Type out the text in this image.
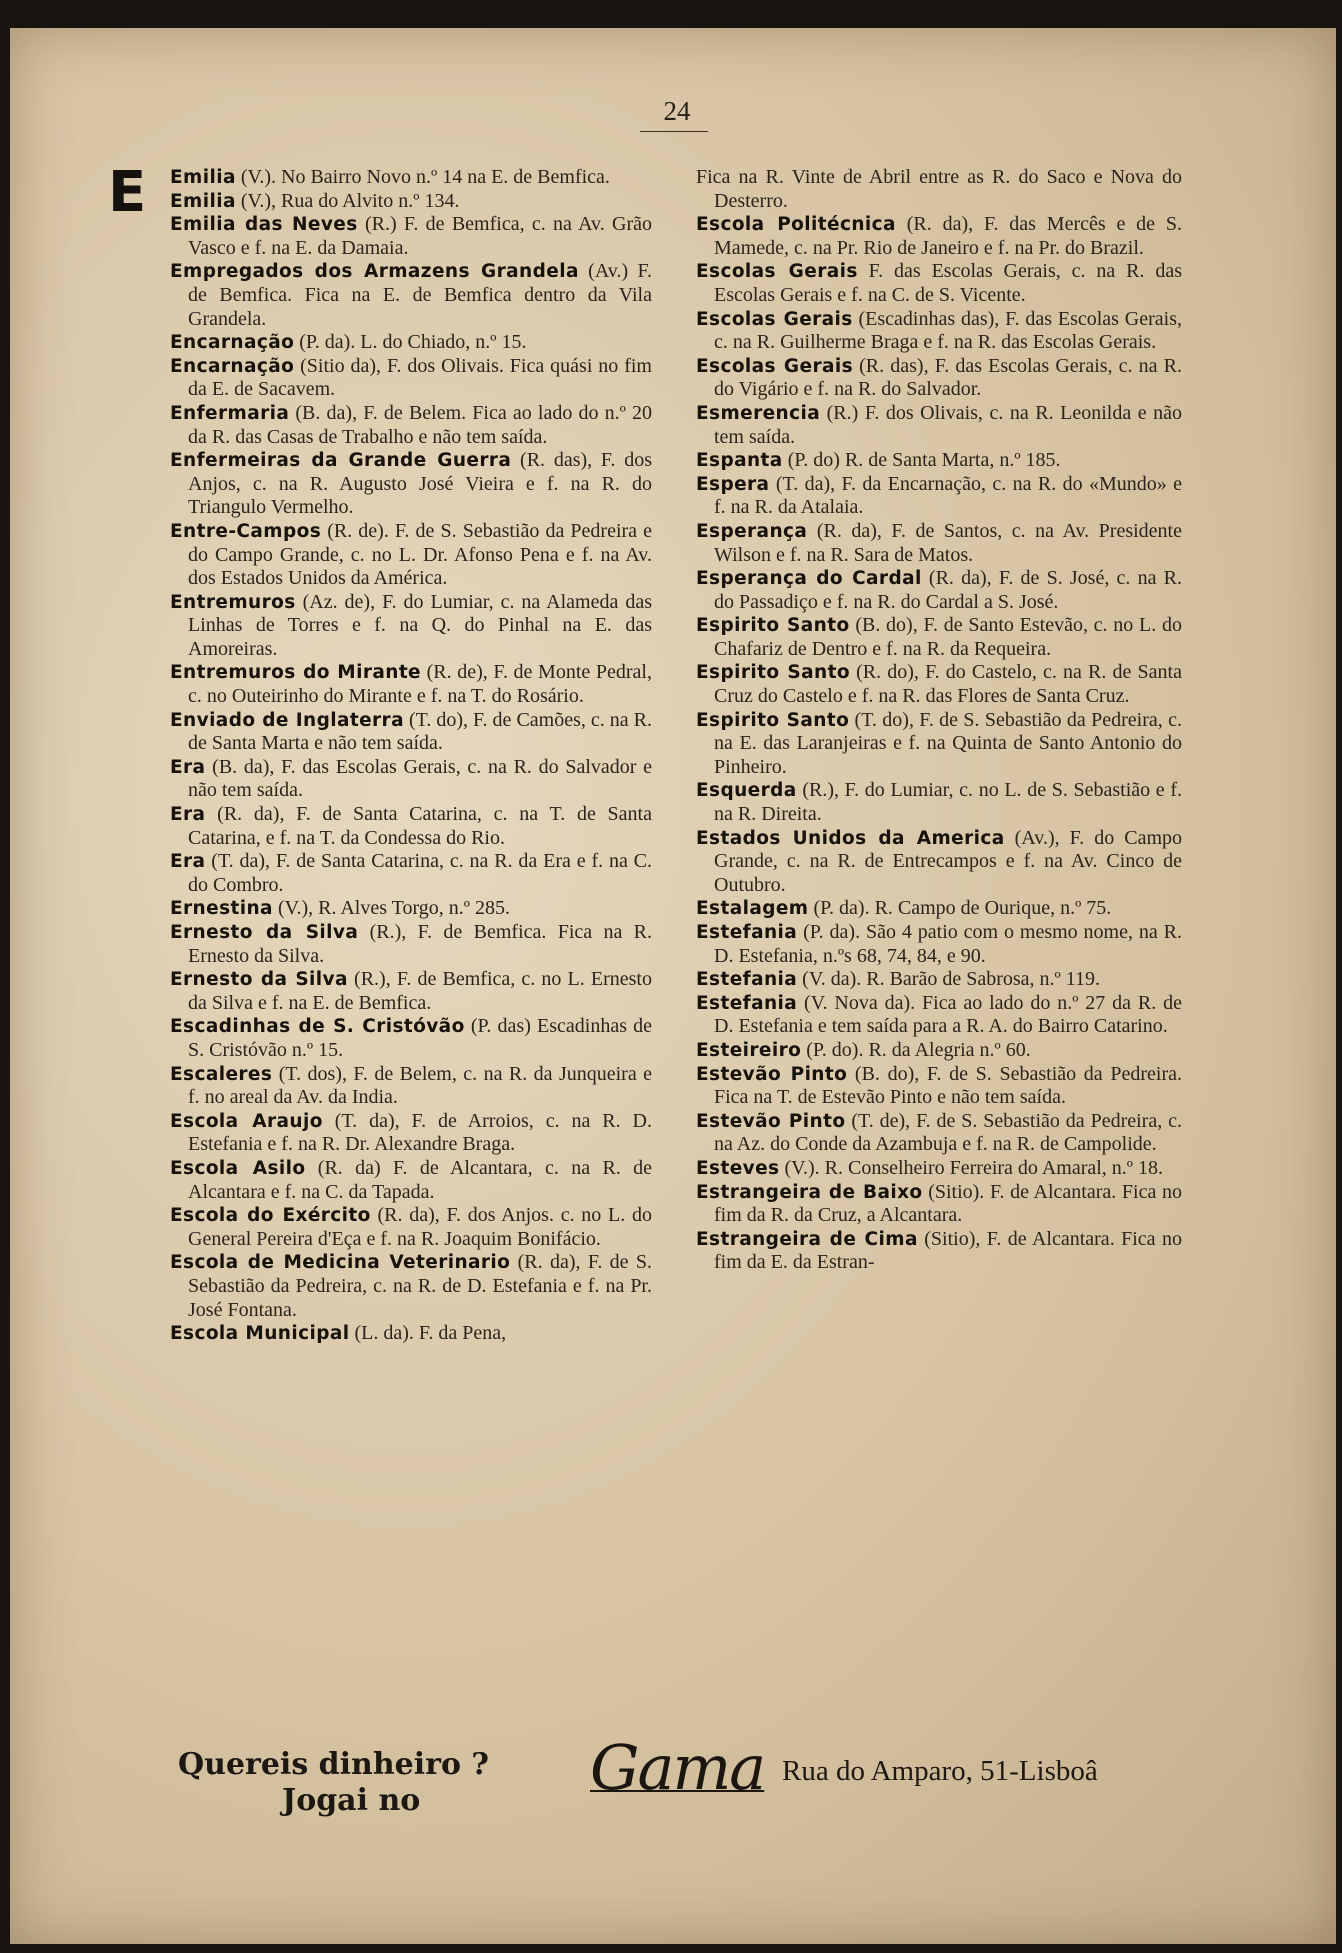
24
E Emilia (V.). No Bairro Novo n.º 14 na E. de Bemfica.

Emilia (V.), Rua do Alvito n.º 134.

Emilia das Neves (R.) F. de Bemfica, c. na Av. Grão Vasco e f. na E. da Damaia.

Empregados dos Armazens Grandela (Av.) F. de Bemfica. Fica na E. de Bemfica dentro da Vila Grandela.

Encarnação (P. da). L. do Chiado, n.º 15.

Encarnação (Sitio da), F. dos Olivais. Fica quási no fim da E. de Sacavem.

Enfermaria (B. da), F. de Belem. Fica ao lado do n.º 20 da R. das Casas de Trabalho e não tem saída.

Enfermeiras da Grande Guerra (R. das), F. dos Anjos, c. na R. Augusto José Vieira e f. na R. do Triangulo Vermelho.

Entre-Campos (R. de). F. de S. Sebastião da Pedreira e do Campo Grande, c. no L. Dr. Afonso Pena e f. na Av. dos Estados Unidos da América.

Entremuros (Az. de), F. do Lumiar, c. na Alameda das Linhas de Torres e f. na Q. do Pinhal na E. das Amoreiras.

Entremuros do Mirante (R. de), F. de Monte Pedral, c. no Outeirinho do Mirante e f. na T. do Rosário.

Enviado de Inglaterra (T. do), F. de Camões, c. na R. de Santa Marta e não tem saída.

Era (B. da), F. das Escolas Gerais, c. na R. do Salvador e não tem saída.

Era (R. da), F. de Santa Catarina, c. na T. de Santa Catarina, e f. na T. da Condessa do Rio.

Era (T. da), F. de Santa Catarina, c. na R. da Era e f. na C. do Combro.

Ernestina (V.), R. Alves Torgo, n.º 285.

Ernesto da Silva (R.), F. de Bemfica. Fica na R. Ernesto da Silva.

Ernesto da Silva (R.), F. de Bemfica, c. no L. Ernesto da Silva e f. na E. de Bemfica.

Escadinhas de S. Cristóvão (P. das) Escadinhas de S. Cristóvão n.º 15.

Escaleres (T. dos), F. de Belem, c. na R. da Junqueira e f. no areal da Av. da India.

Escola Araujo (T. da), F. de Arroios, c. na R. D. Estefania e f. na R. Dr. Alexandre Braga.

Escola Asilo (R. da) F. de Alcantara, c. na R. de Alcantara e f. na C. da Tapada.

Escola do Exército (R. da), F. dos Anjos. c. no L. do General Pereira d'Eça e f. na R. Joaquim Bonifácio.

Escola de Medicina Veterinario (R. da), F. de S. Sebastião da Pedreira, c. na R. de D. Estefania e f. na Pr. José Fontana.

Escola Municipal (L. da). F. da Pena,

Fica na R. Vinte de Abril entre as R. do Saco e Nova do Desterro.

Escola Politécnica (R. da), F. das Mercês e de S. Mamede, c. na Pr. Rio de Janeiro e f. na Pr. do Brazil.

Escolas Gerais F. das Escolas Gerais, c. na R. das Escolas Gerais e f. na C. de S. Vicente.

Escolas Gerais (Escadinhas das), F. das Escolas Gerais, c. na R. Guilherme Braga e f. na R. das Escolas Gerais.

Escolas Gerais (R. das), F. das Escolas Gerais, c. na R. do Vigário e f. na R. do Salvador.

Esmerencia (R.) F. dos Olivais, c. na R. Leonilda e não tem saída.

Espanta (P. do) R. de Santa Marta, n.º 185.

Espera (T. da), F. da Encarnação, c. na R. do «Mundo» e f. na R. da Atalaia.

Esperança (R. da), F. de Santos, c. na Av. Presidente Wilson e f. na R. Sara de Matos.

Esperança do Cardal (R. da), F. de S. José, c. na R. do Passadiço e f. na R. do Cardal a S. José.

Espirito Santo (B. do), F. de Santo Estevão, c. no L. do Chafariz de Dentro e f. na R. da Requeira.

Espirito Santo (R. do), F. do Castelo, c. na R. de Santa Cruz do Castelo e f. na R. das Flores de Santa Cruz.

Espirito Santo (T. do), F. de S. Sebastião da Pedreira, c. na E. das Laranjeiras e f. na Quinta de Santo Antonio do Pinheiro.

Esquerda (R.), F. do Lumiar, c. no L. de S. Sebastião e f. na R. Direita.

Estados Unidos da America (Av.), F. do Campo Grande, c. na R. de Entrecampos e f. na Av. Cinco de Outubro.

Estalagem (P. da). R. Campo de Ourique, n.º 75.

Estefania (P. da). São 4 patio com o mesmo nome, na R. D. Estefania, n.ºs 68, 74, 84, e 90.

Estefania (V. da). R. Barão de Sabrosa, n.º 119.

Estefania (V. Nova da). Fica ao lado do n.º 27 da R. de D. Estefania e tem saída para a R. A. do Bairro Catarino.

Esteireiro (P. do). R. da Alegria n.º 60.

Estevão Pinto (B. do), F. de S. Sebastião da Pedreira. Fica na T. de Estevão Pinto e não tem saída.

Estevão Pinto (T. de), F. de S. Sebastião da Pedreira, c. na Az. do Conde da Azambuja e f. na R. de Campolide.

Esteves (V.). R. Conselheiro Ferreira do Amaral, n.º 18.

Estrangeira de Baixo (Sitio). F. de Alcantara. Fica no fim da R. da Cruz, a Alcantara.

Estrangeira de Cima (Sitio), F. de Alcantara. Fica no fim da E. da Estran-

Quereis dinheiro ?
Jogai no	Gama Rua do Amparo, 51-Lisboâ
